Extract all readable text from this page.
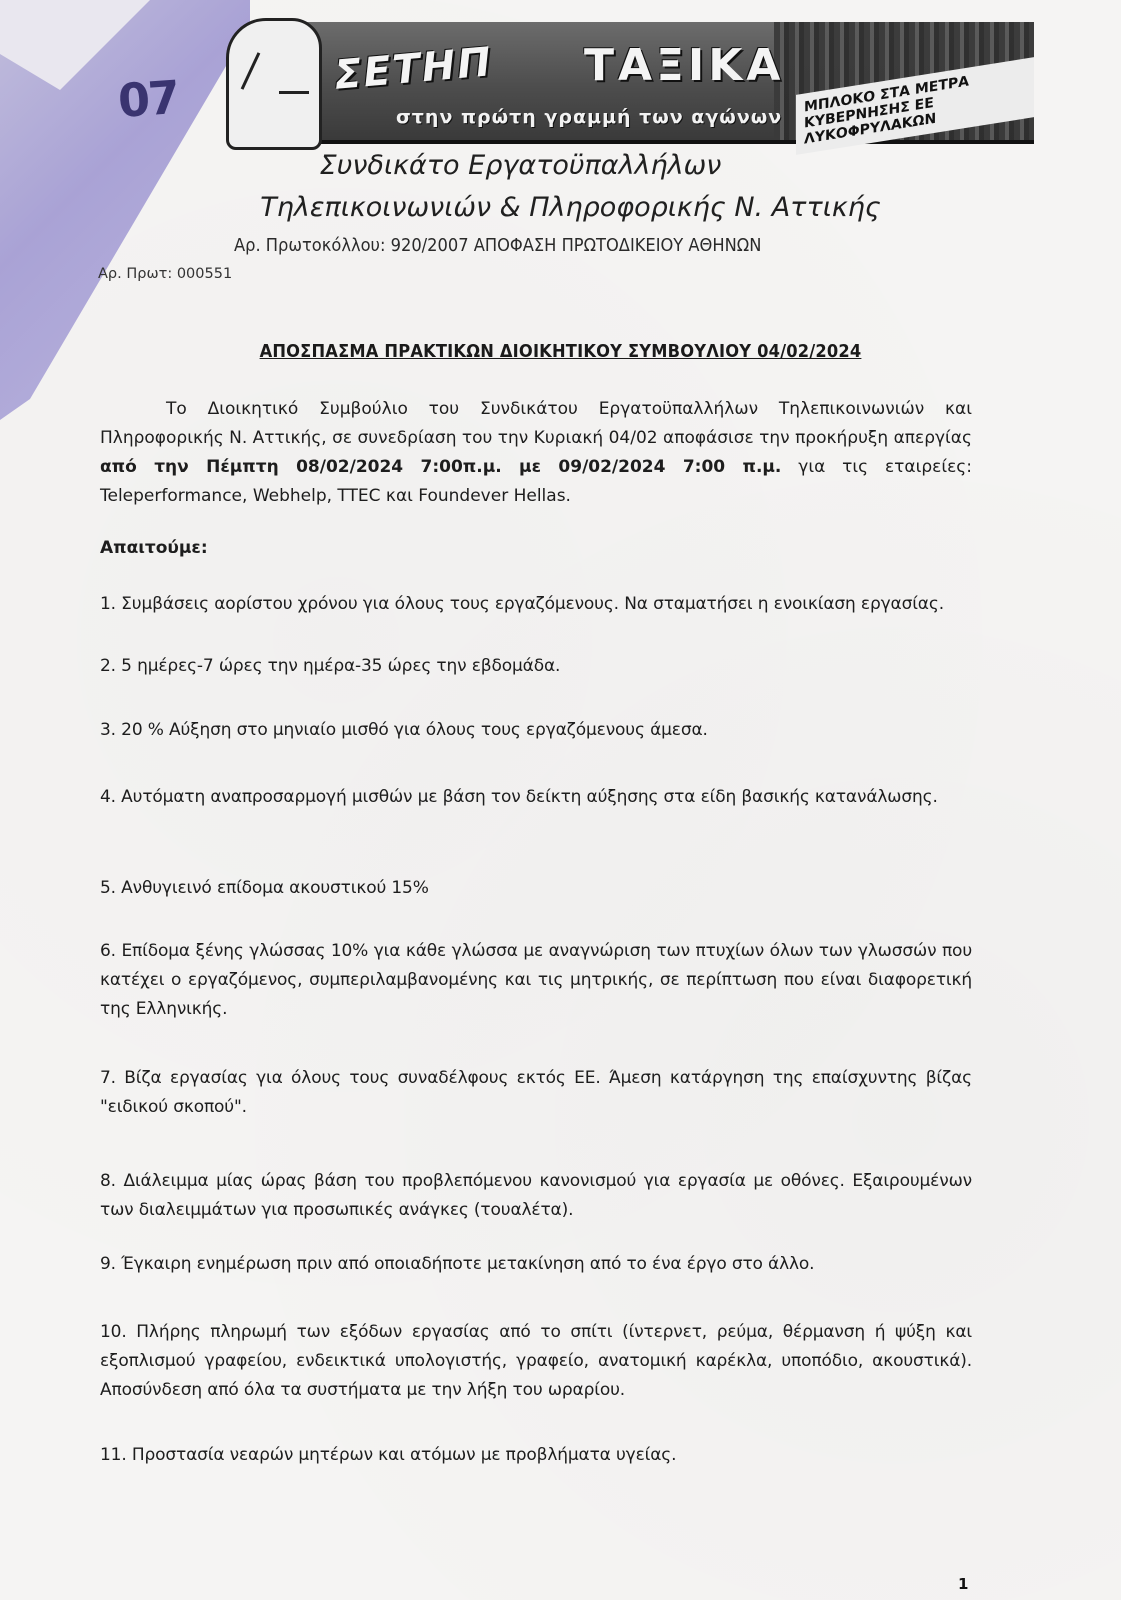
07	ΜΠΛΟΚΟ ΣΤΑ ΜΕΤΡΑ ΚΥΒΕΡΝΗΣΗΣ ΕΕ ΛΥΚΟΦΡΥΛΑΚΩΝ
ΣΕΤΗΠ ΤΑΞΙΚΑ
στην πρώτη γραμμή των αγώνων
Συνδικάτο Εργατοϋπαλλήλων
Τηλεπικοινωνιών & Πληροφορικής Ν. Αττικής
Αρ. Πρωτοκόλλου: 920/2007 ΑΠΟΦΑΣΗ ΠΡΩΤΟΔΙΚΕΙΟΥ ΑΘΗΝΩΝ
Αρ. Πρωτ: 000551
ΑΠΟΣΠΑΣΜΑ ΠΡΑΚΤΙΚΩΝ ΔΙΟΙΚΗΤΙΚΟΥ ΣΥΜΒΟΥΛΙΟΥ 04/02/2024

Το Διοικητικό Συμβούλιο του Συνδικάτου Εργατοϋπαλλήλων Τηλεπικοινωνιών και Πληροφορικής Ν. Αττικής, σε συνεδρίαση του την Κυριακή 04/02 αποφάσισε την προκήρυξη απεργίας από την Πέμπτη 08/02/2024 7:00π.μ. με 09/02/2024 7:00 π.μ. για τις εταιρείες: Teleperformance, Webhelp, TTEC και Foundever Hellas.

Απαιτούμε:

1. Συμβάσεις αορίστου χρόνου για όλους τους εργαζόμενους. Να σταματήσει η ενοικίαση εργασίας.

2. 5 ημέρες-7 ώρες την ημέρα-35 ώρες την εβδομάδα.

3. 20 % Αύξηση στο μηνιαίο μισθό για όλους τους εργαζόμενους άμεσα.

4. Αυτόματη αναπροσαρμογή μισθών με βάση τον δείκτη αύξησης στα είδη βασικής κατανάλωσης.

5. Ανθυγιεινό επίδομα ακουστικού 15%

6. Επίδομα ξένης γλώσσας 10% για κάθε γλώσσα με αναγνώριση των πτυχίων όλων των γλωσσών που κατέχει ο εργαζόμενος, συμπεριλαμβανομένης και τις μητρικής, σε περίπτωση που είναι διαφορετική της Ελληνικής.

7. Βίζα εργασίας για όλους τους συναδέλφους εκτός ΕΕ. Άμεση κατάργηση της επαίσχυντης βίζας "ειδικού σκοπού".

8. Διάλειμμα μίας ώρας βάση του προβλεπόμενου κανονισμού για εργασία με οθόνες. Εξαιρουμένων των διαλειμμάτων για προσωπικές ανάγκες (τουαλέτα).

9. Έγκαιρη ενημέρωση πριν από οποιαδήποτε μετακίνηση από το ένα έργο στο άλλο.

10. Πλήρης πληρωμή των εξόδων εργασίας από το σπίτι (ίντερνετ, ρεύμα, θέρμανση ή ψύξη και εξοπλισμού γραφείου, ενδεικτικά υπολογιστής, γραφείο, ανατομική καρέκλα, υποπόδιο, ακουστικά). Αποσύνδεση από όλα τα συστήματα με την λήξη του ωραρίου.

11. Προστασία νεαρών μητέρων και ατόμων με προβλήματα υγείας.

1
